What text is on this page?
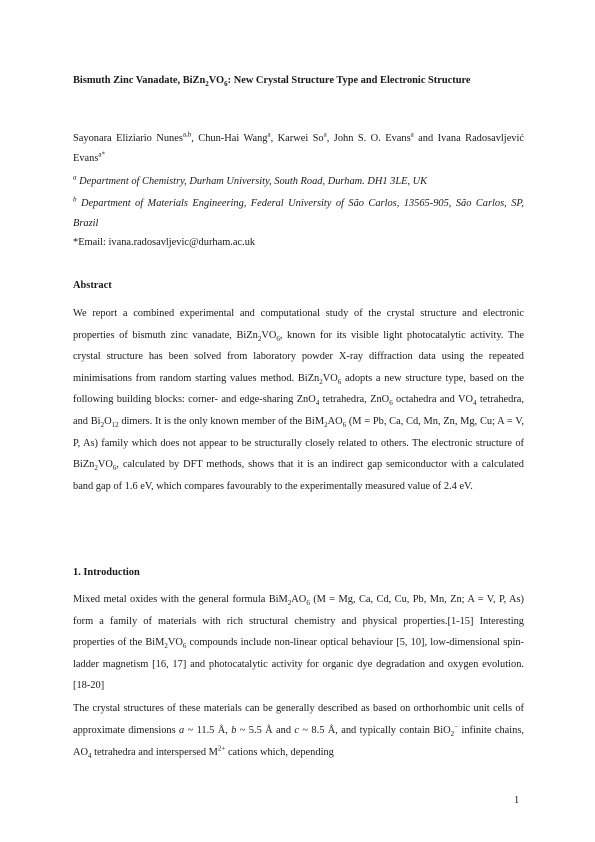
Bismuth Zinc Vanadate, $BiZn_2VO_6$: New Crystal Structure Type and Electronic Structure
Sayonara Eliziario Nunes$^{a,b}$, Chun-Hai Wang$^a$, Karwei So$^a$, John S. O. Evans$^a$ and Ivana Radosavljević Evans$^{a*}$
$^a$ Department of Chemistry, Durham University, South Road, Durham. DH1 3LE, UK
$^b$ Department of Materials Engineering, Federal University of São Carlos, 13565-905, São Carlos, SP, Brazil
*Email: ivana.radosavljevic@durham.ac.uk
Abstract
We report a combined experimental and computational study of the crystal structure and electronic properties of bismuth zinc vanadate, $BiZn_2VO_6$, known for its visible light photocatalytic activity. The crystal structure has been solved from laboratory powder X-ray diffraction data using the repeated minimisations from random starting values method. $BiZn_2VO_6$ adopts a new structure type, based on the following building blocks: corner- and edge-sharing ZnO$_4$ tetrahedra, ZnO$_6$ octahedra and $VO_4$ tetrahedra, and $Bi_2O_{12}$ dimers. It is the only known member of the $BiM_2AO_6$ (M = Pb, Ca, Cd, Mn, Zn, Mg, Cu; A = V, P, As) family which does not appear to be structurally closely related to others. The electronic structure of $BiZn_2VO_6$, calculated by DFT methods, shows that it is an indirect gap semiconductor with a calculated band gap of 1.6 eV, which compares favourably to the experimentally measured value of 2.4 eV.
1. Introduction
Mixed metal oxides with the general formula $BiM_2AO_6$ (M = Mg, Ca, Cd, Cu, Pb, Mn, Zn; A = V, P, As) form a family of materials with rich structural chemistry and physical properties.[1-15] Interesting properties of the $BiM_2VO_6$ compounds include non-linear optical behaviour [5, 10], low-dimensional spin-ladder magnetism [16, 17] and photocatalytic activity for organic dye degradation and oxygen evolution.[18-20]
The crystal structures of these materials can be generally described as based on orthorhombic unit cells of approximate dimensions a ~ 11.5 Å, b ~ 5.5 Å and c ~ 8.5 Å, and typically contain BiO$_2$− infinite chains, $AO_4$ tetrahedra and interspersed $M^{2+}$ cations which, depending
1
